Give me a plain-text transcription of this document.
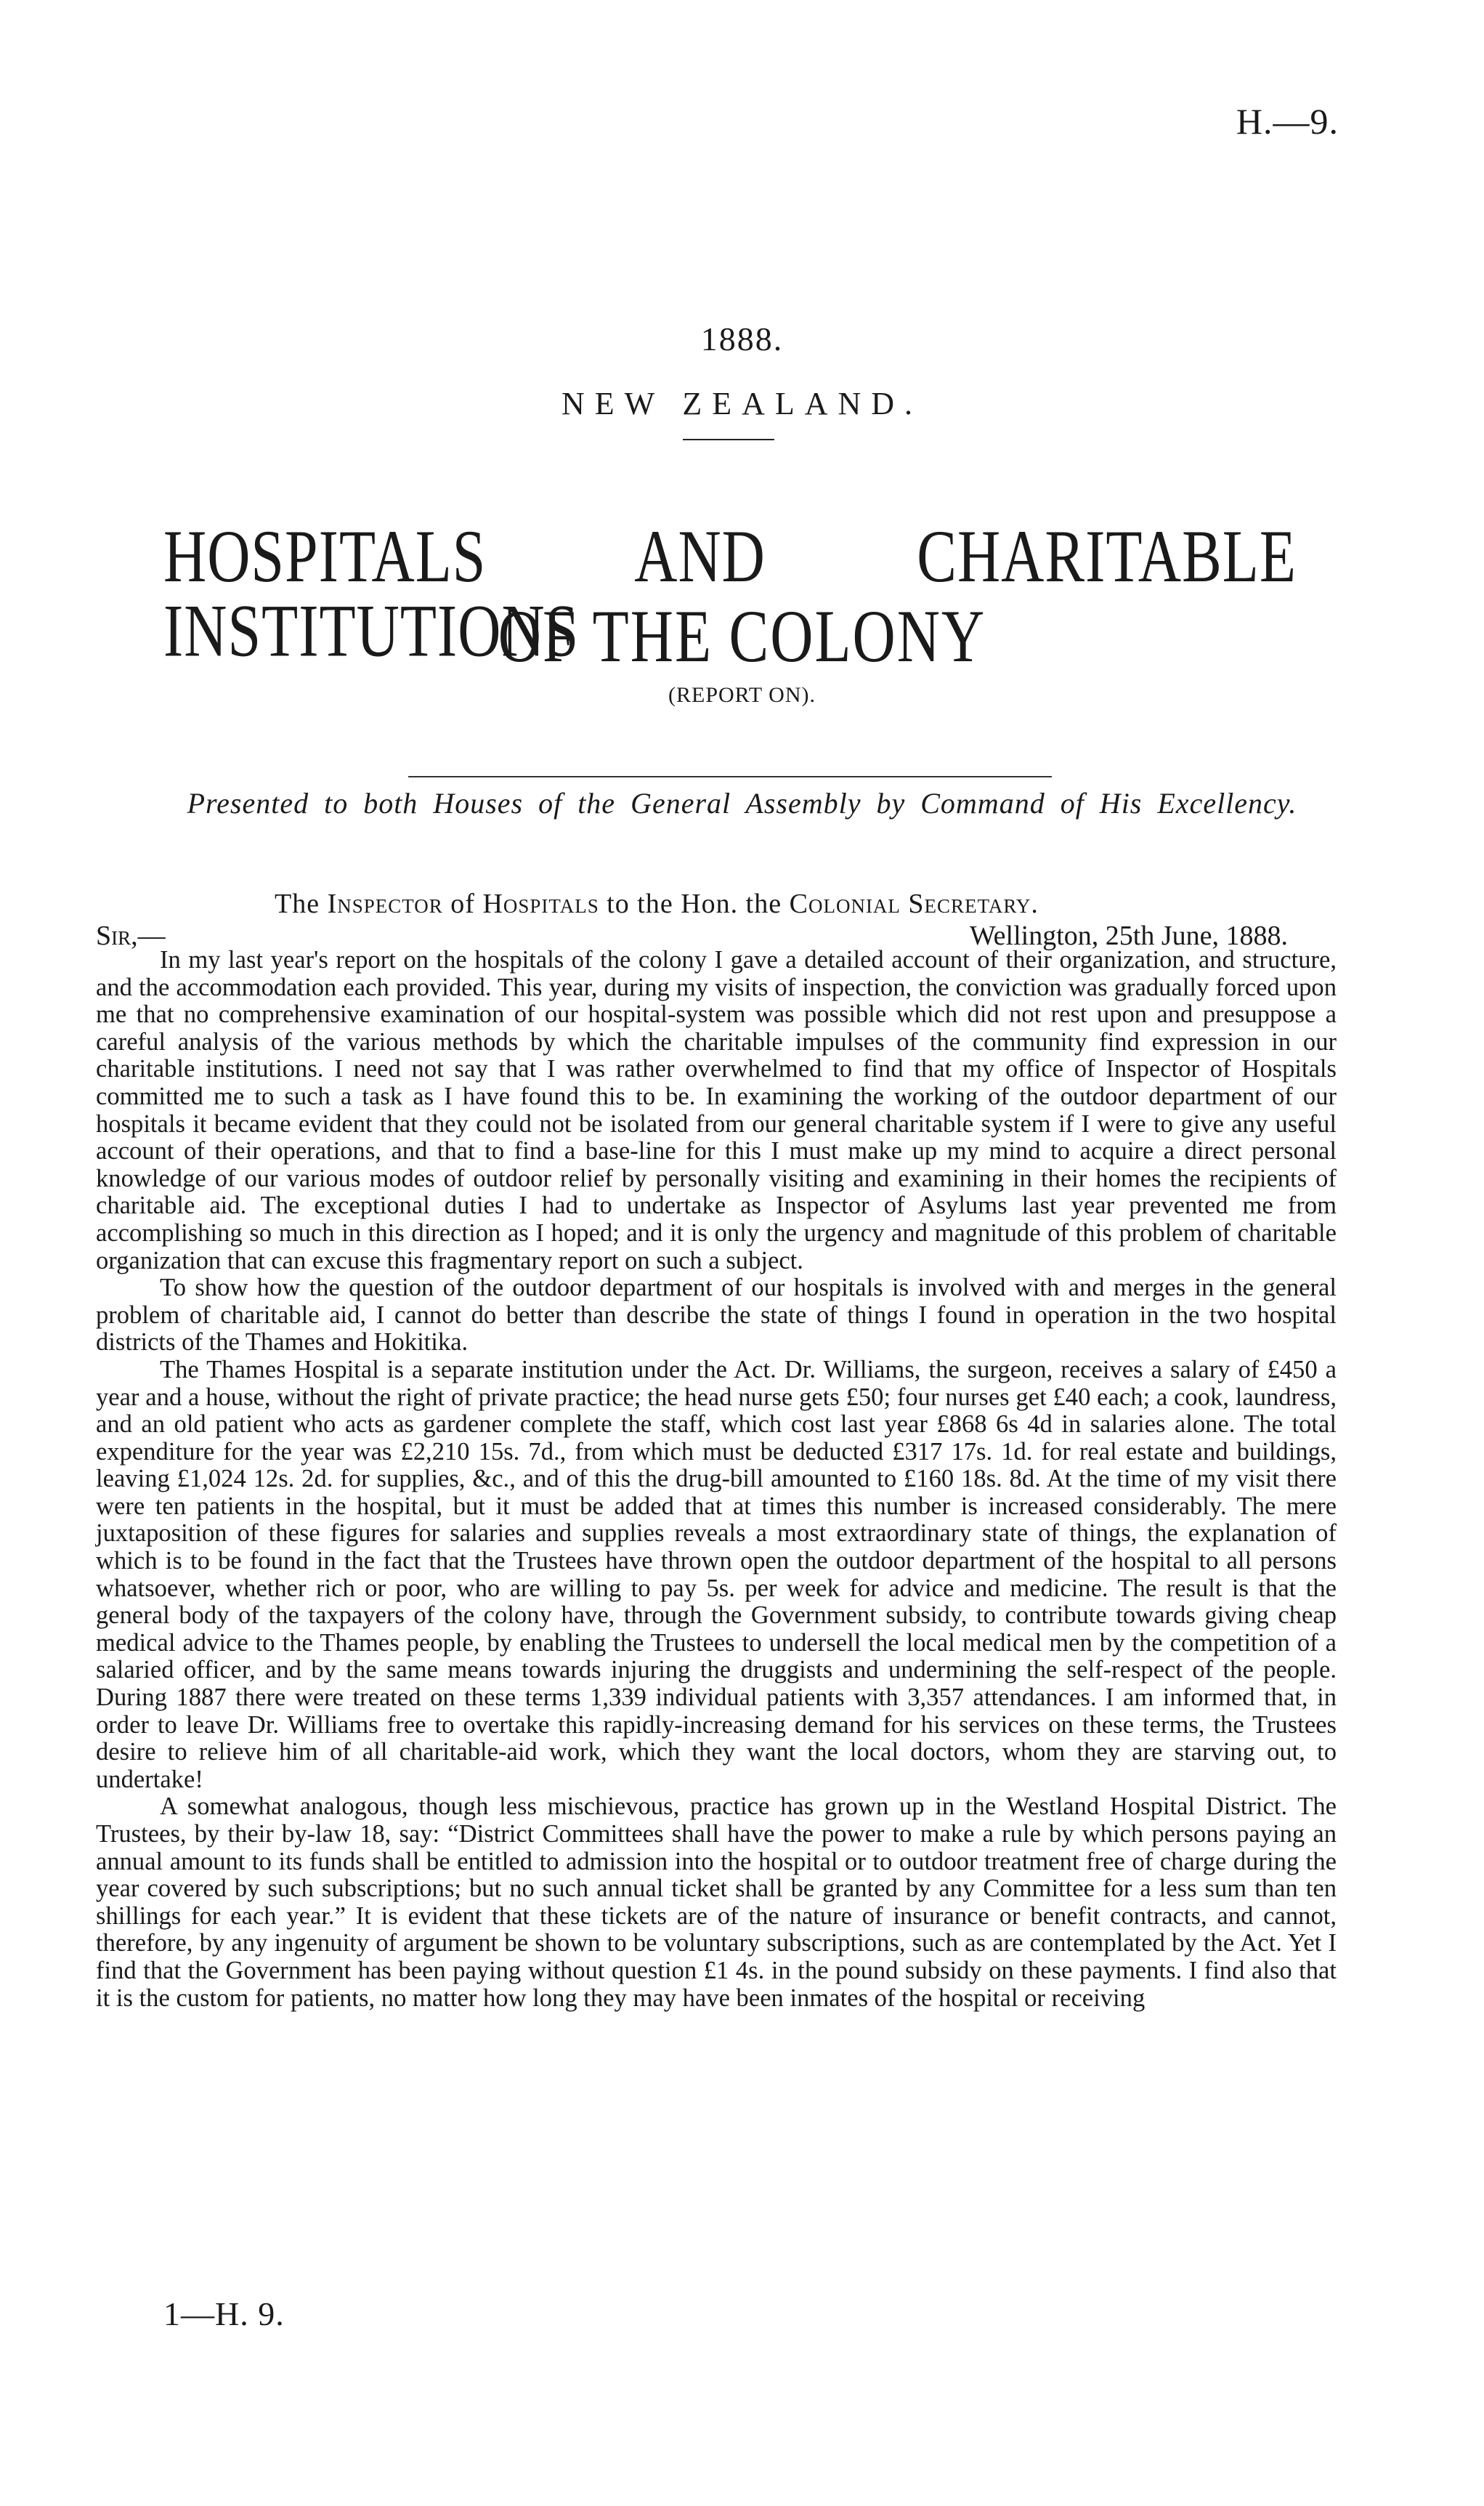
H.—9.
1888.
NEW ZEALAND.
HOSPITALS AND CHARITABLE INSTITUTIONS
OF THE COLONY
(REPORT ON).
Presented to both Houses of the General Assembly by Command of His Excellency.
The Inspector of Hospitals to the Hon. the Colonial Secretary.
Sir,—	Wellington, 25th June, 1888.

In my last year's report on the hospitals of the colony I gave a detailed account of their organization, and structure, and the accommodation each provided. This year, during my visits of inspection, the conviction was gradually forced upon me that no comprehensive examination of our hospital-system was possible which did not rest upon and presuppose a careful analysis of the various methods by which the charitable impulses of the community find expression in our charitable institutions. I need not say that I was rather overwhelmed to find that my office of Inspector of Hospitals committed me to such a task as I have found this to be. In examining the working of the outdoor department of our hospitals it became evident that they could not be isolated from our general charitable system if I were to give any useful account of their operations, and that to find a base-line for this I must make up my mind to acquire a direct personal knowledge of our various modes of outdoor relief by personally visiting and examining in their homes the recipients of charitable aid. The exceptional duties I had to undertake as Inspector of Asylums last year prevented me from accomplishing so much in this direction as I hoped; and it is only the urgency and magnitude of this problem of charitable organization that can excuse this fragmentary report on such a subject.

To show how the question of the outdoor department of our hospitals is involved with and merges in the general problem of charitable aid, I cannot do better than describe the state of things I found in operation in the two hospital districts of the Thames and Hokitika.

The Thames Hospital is a separate institution under the Act. Dr. Williams, the surgeon, receives a salary of £450 a year and a house, without the right of private practice; the head nurse gets £50; four nurses get £40 each; a cook, laundress, and an old patient who acts as gardener complete the staff, which cost last year £868 6s 4d in salaries alone. The total expenditure for the year was £2,210 15s. 7d., from which must be deducted £317 17s. 1d. for real estate and buildings, leaving £1,024 12s. 2d. for supplies, &c., and of this the drug-bill amounted to £160 18s. 8d. At the time of my visit there were ten patients in the hospital, but it must be added that at times this number is increased considerably. The mere juxtaposition of these figures for salaries and supplies reveals a most extraordinary state of things, the explanation of which is to be found in the fact that the Trustees have thrown open the outdoor department of the hospital to all persons whatsoever, whether rich or poor, who are willing to pay 5s. per week for advice and medicine. The result is that the general body of the taxpayers of the colony have, through the Government subsidy, to contribute towards giving cheap medical advice to the Thames people, by enabling the Trustees to undersell the local medical men by the competition of a salaried officer, and by the same means towards injuring the druggists and undermining the self-respect of the people. During 1887 there were treated on these terms 1,339 individual patients with 3,357 attendances. I am informed that, in order to leave Dr. Williams free to overtake this rapidly-increasing demand for his services on these terms, the Trustees desire to relieve him of all charitable-aid work, which they want the local doctors, whom they are starving out, to undertake!

A somewhat analogous, though less mischievous, practice has grown up in the Westland Hospital District. The Trustees, by their by-law 18, say: “District Committees shall have the power to make a rule by which persons paying an annual amount to its funds shall be entitled to admission into the hospital or to outdoor treatment free of charge during the year covered by such subscriptions; but no such annual ticket shall be granted by any Committee for a less sum than ten shillings for each year.” It is evident that these tickets are of the nature of insurance or benefit contracts, and cannot, therefore, by any ingenuity of argument be shown to be voluntary subscriptions, such as are contemplated by the Act. Yet I find that the Government has been paying without question £1 4s. in the pound subsidy on these payments. I find also that it is the custom for patients, no matter how long they may have been inmates of the hospital or receiving

1—H. 9.
